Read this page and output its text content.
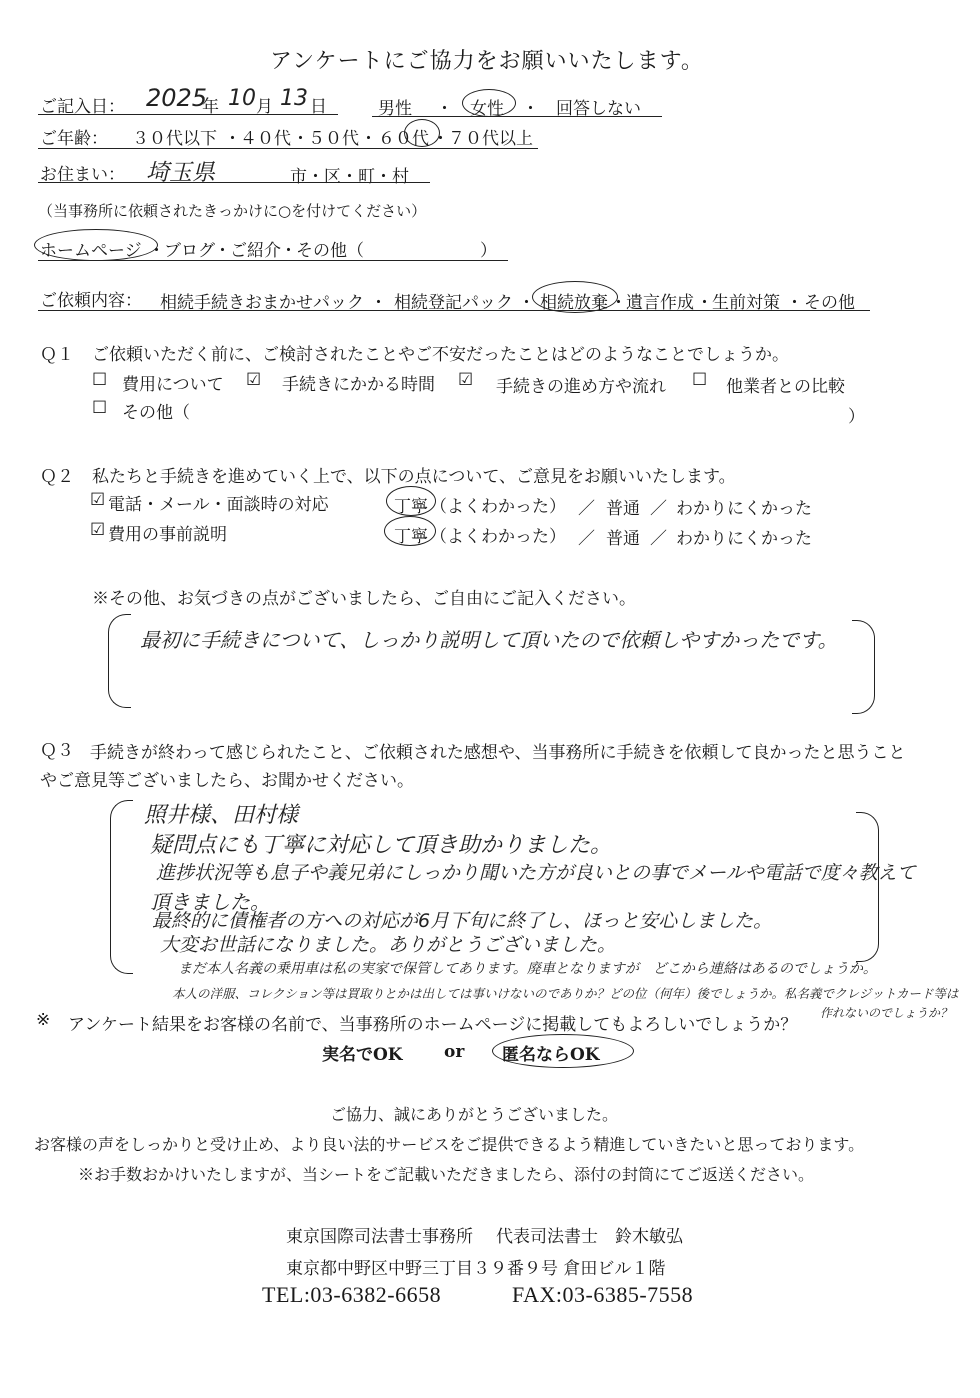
アンケートにご協力をお願いいたします。
ご記入日： 2025
年 10 月 13 日	男性 ・ 女性 ・ 回答しない
ご年齢： ３０代以下 ・ ４０代 ・ ５０代 ・ ６０代 ・ ７０代以上
お住まい： 埼玉県	市・区・町・村
（当事務所に依頼されたきっかけに○を付けてください）
ホームページ ・ ブログ ・ ご紹介 ・ その他（	）
ご依頼内容： 相続手続きおまかせパック ・ 相続登記パック ・ 相続放棄 ・ 遺言作成 ・ 生前対策 ・ その他
Ｑ１ ご依頼いただく前に、ご検討されたことやご不安だったことはどのようなことでしょうか。
☐ 費用について ☑ 手続きにかかる時間 ☑ 手続きの進め方や流れ ☐ 他業者との比較
☐ その他（	）
Ｑ２ 私たちと手続きを進めていく上で、以下の点について、ご意見をお願いいたします。
☑ 電話・メール・面談時の対応	丁寧 （よくわかった） ／ 普通 ／ わかりにくかった
☑ 費用の事前説明	丁寧 （よくわかった） ／ 普通 ／ わかりにくかった
※その他、お気づきの点がございましたら、ご自由にご記入ください。
最初に手続きについて、しっかり説明して頂いたので依頼しやすかったです。
Ｑ３ 手続きが終わって感じられたこと、ご依頼された感想や、当事務所に手続きを依頼して良かったと思うこと
やご意見等ございましたら、お聞かせください。
照井様、田村様
疑問点にも丁寧に対応して頂き助かりました。
進捗状況等も息子や義兄弟にしっかり聞いた方が良いとの事でメールや電話で度々教えて
頂きました。
最終的に債権者の方への対応が6月下旬に終了し、ほっと安心しました。
大変お世話になりました。ありがとうございました。
まだ本人名義の乗用車は私の実家で保管してあります。廃車となりますが　どこから連絡はあるのでしょうか。
本人の洋服、コレクション等は買取りとかは出しては事いけないのでありか？どの位（何年）後でしょうか。私名義でクレジットカード等は
作れないのでしょうか？
※ アンケート結果をお客様の名前で、当事務所のホームページに掲載してもよろしいでしょうか？
実名でOK or 匿名ならOK
ご協力、誠にありがとうございました。
お客様の声をしっかりと受け止め、より良い法的サービスをご提供できるよう精進していきたいと思っております。
※お手数おかけいたしますが、当シートをご記載いただきましたら、添付の封筒にてご返送ください。
東京国際司法書士事務所 代表司法書士　鈴木敏弘
東京都中野区中野三丁目３９番９号 倉田ビル１階
TEL:03-6382-6658	FAX:03-6385-7558
